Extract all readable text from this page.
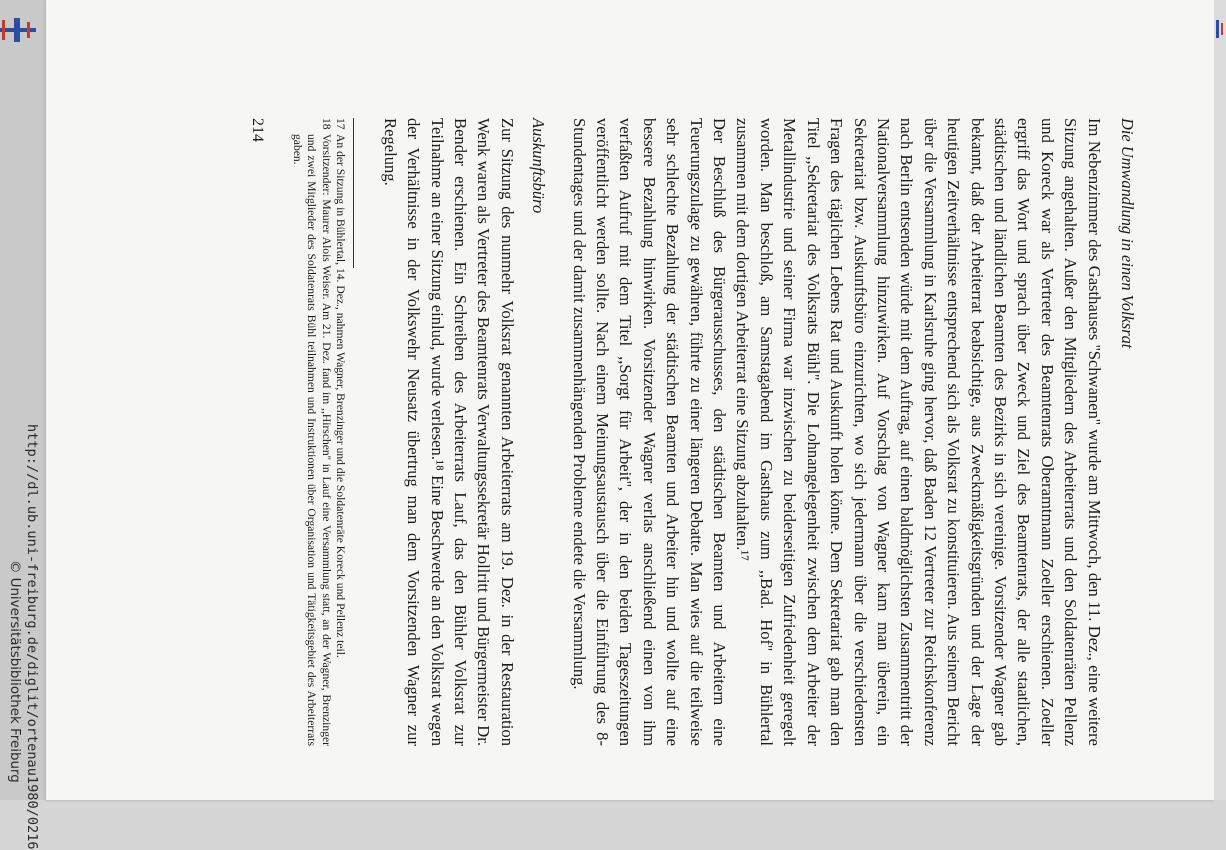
Die Umwandlung in einen Volksrat

Im Nebenzimmer des Gasthauses ''Schwanen'' wurde am Mittwoch, den 11. Dez., eine weitere Sitzung angehalten. Außer den Mitgliedern des Arbeiterrats und den Soldatenräten Pellenz und Koreck war als Vertreter des Beamtenrats Oberamtmann Zoeller erschienen. Zoeller ergriff das Wort und sprach über Zweck und Ziel des Beamtenrats, der alle staatlichen, städtischen und ländlichen Beamten des Bezirks in sich vereinige. Vorsitzender Wagner gab bekannt, daß der Arbeiterrat beabsichtige, aus Zweckmäßigkeitsgründen und der Lage der heutigen Zeitverhältnisse entsprechend sich als Volksrat zu konstituieren. Aus seinem Bericht über die Versammlung in Karlsruhe ging hervor, daß Baden 12 Vertreter zur Reichskonferenz nach Berlin entsenden würde mit dem Auftrag, auf einen baldmöglichsten Zusammentritt der Nationalversammlung hinzuwirken. Auf Vorschlag von Wagner kam man überein, ein Sekretariat bzw. Auskunftsbüro einzurichten, wo sich jedermann über die verschiedensten Fragen des täglichen Lebens Rat und Auskunft holen könne. Dem Sekretariat gab man den Titel ,,Sekretariat des Volksrats Bühl''. Die Lohnangelegenheit zwischen dem Arbeiter der Metallindustrie und seiner Firma war inzwischen zu beiderseitigen Zufriedenheit geregelt worden. Man beschloß, am Samstagabend im Gasthaus zum ,,Bad. Hof'' in Bühlertal zusammen mit dem dortigen Arbeiterrat eine Sitzung abzuhalten.¹⁷

Der Beschluß des Bürgerausschusses, den städtischen Beamten und Arbeitern eine Teuerungszulage zu gewähren, führte zu einer längeren Debatte. Man wies auf die teilweise sehr schlechte Bezahlung der städtischen Beamten und Arbeiter hin und wollte auf eine bessere Bezahlung hinwirken. Vorsitzender Wagner verlas anschließend einen von ihm verfaßten Aufruf mit dem Titel ,,Sorgt für Arbeit'', der in den beiden Tageszeitungen veröffentlicht werden sollte. Nach einem Meinungsaustausch über die Einführung des 8-Stundentages und der damit zusammenhängenden Probleme endete die Versammlung.

Auskunftsbüro

Zur Sitzung des nunmehr Volksrat genannten Arbeiterrats am 19. Dez. in der Restauration Wenk waren als Vertreter des Beamtenrats Verwaltungssekretär Hollritt und Bürgermeister Dr. Bender erschienen. Ein Schreiben des Arbeiterrats Lauf, das den Bühler Volksrat zur Teilnahme an einer Sitzung einlud, wurde verlesen.¹⁸ Eine Beschwerde an den Volksrat wegen der Verhältnisse in der Volkswehr Neusatz übertrug man dem Vorsitzenden Wagner zur Regelung.

17
An der Sitzung in Bühlertal, 14. Dez., nahmen Wagner, Brenzinger und die Soldatenräte Koreck und Pellenz teil.
18
Vorsitzender: Maurer Alois Weiser. Am 21. Dez. fand im ,,Hirschen'' in Lauf eine Versammlung statt, an der Wagner, Brenzinger und zwei Mitglieder des Soldatenrats Bühl teilnahmen und Instruktionen über Organisation und Tätigkeitsgebiet des Arbeiterrats gaben.
214
http://dl.ub.uni-freiburg.de/diglit/ortenau1980/0216
© Universitätsbibliothek Freiburg
